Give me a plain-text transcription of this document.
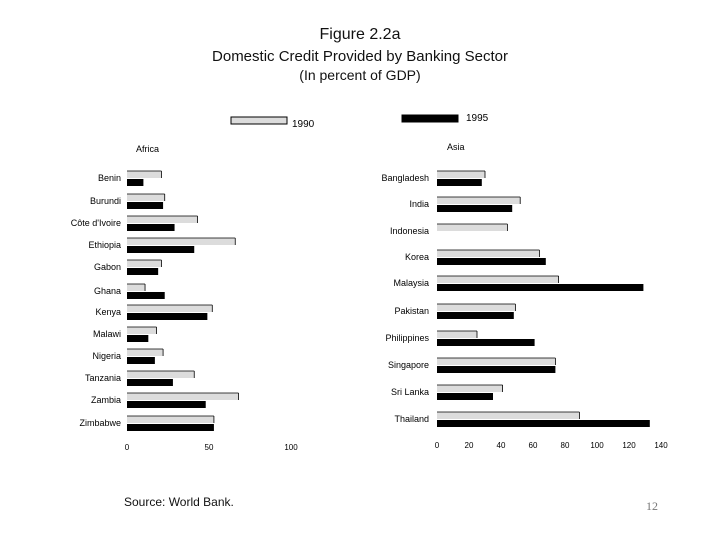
Figure 2.2a
Domestic Credit Provided by Banking Sector
(In percent of GDP)
1990
1995
Africa
Benin
Burundi
Côte d'Ivoire
Ethiopia
Gabon
Ghana
Kenya
Malawi
Nigeria
Tanzania
Zambia
Zimbabwe
0	50	100
Asia
Bangladesh
India
Indonesia
Korea
Malaysia
Pakistan
Philippines
Singapore
Sri Lanka
Thailand
0	20	40	60	80	100 120 140
Source: World Bank.	12
